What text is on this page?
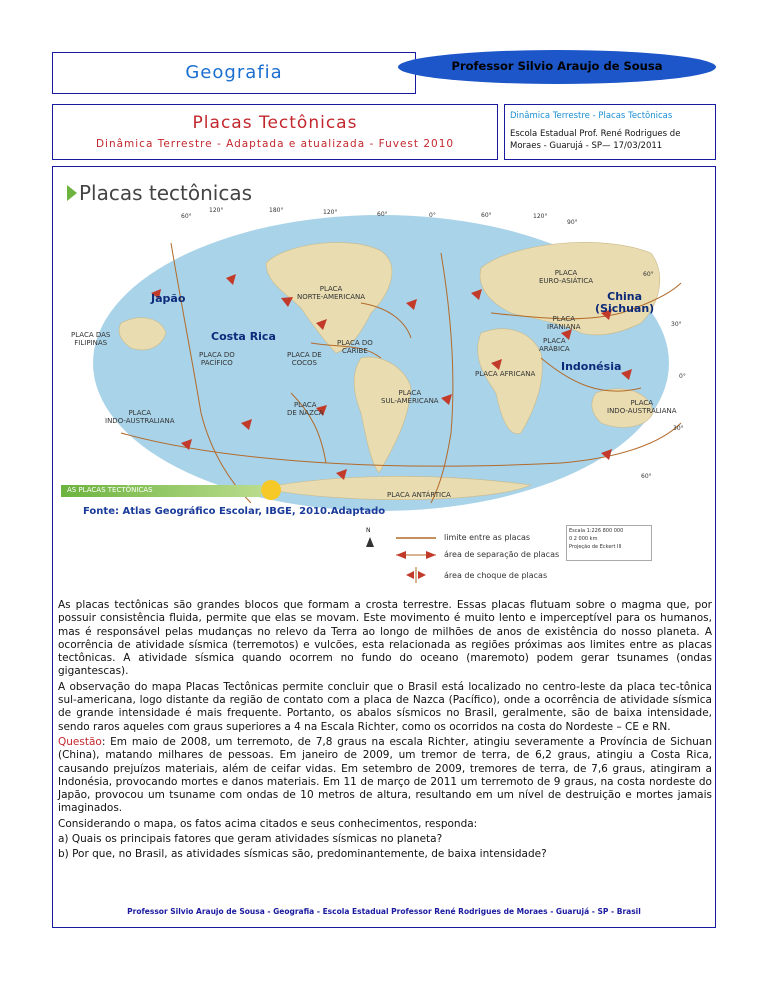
Geografia	Professor Silvio Araujo de Sousa
Placas Tectônicas
Dinâmica Terrestre - Adaptada e atualizada - Fuvest 2010
Dinâmica Terrestre - Placas Tectônicas
Escola Estadual Prof. René Rodrigues de Moraes - Guarujá - SP— 17/03/2011
Placas tectônicas
60°
120°	180°	120°	60°	0°	60°	120°
90°
60°
30°
0°
30°
60°
PLACA
EURO-ASIÁTICA
PLACA
NORTE-AMERICANA
PLACA DAS
FILIPINAS
PLACA DO
PACÍFICO
PLACA DE
COCOS
PLACA DO
CARIBE
PLACA
IRANIANA
PLACA
ARÁBICA
PLACA AFRICANA
PLACA
SUL-AMERICANA
PLACA
DE NAZCA
PLACA
INDO-AUSTRALIANA
PLACA
INDO-AUSTRALIANA
PLACA ANTÁRTICA
Japão
Costa Rica
China
(Sichuan)
Indonésia
AS PLACAS TECTÔNICAS
Fonte: Atlas Geográfico Escolar, IBGE, 2010.Adaptado
N
limite entre as placas
área de separação de placas
área de choque de placas
Escala 1:226 800 000
0 2 000 km
Projeção de Eckert III

As placas tectônicas são grandes blocos que formam a crosta terrestre. Essas placas flutuam sobre o magma que, por possuir consistência fluida, permite que elas se movam. Este movimento é muito lento e imperceptível para os humanos, mas é responsável pelas mudanças no relevo da Terra ao longo de milhões de anos de existência do nosso planeta. A ocorrência de atividade sísmica (terremotos) e vulcões, esta relacionada as regiões próximas aos limites entre as placas tectônicas. A atividade sísmica quando ocorrem no fundo do oceano (maremoto) podem gerar tsunames (ondas gigantescas).

A observação do mapa Placas Tectônicas permite concluir que o Brasil está localizado no centro-leste da placa tec-tônica sul-americana, logo distante da região de contato com a placa de Nazca (Pacífico), onde a ocorrência de atividade sísmica de grande intensidade é mais frequente. Portanto, os abalos sísmicos no Brasil, geralmente, são de baixa intensidade, sendo raros aqueles com graus superiores a 4 na Escala Richter, como os ocorridos na costa do Nordeste – CE e RN.

Questão: Em maio de 2008, um terremoto, de 7,8 graus na escala Richter, atingiu severamente a Província de Sichuan (China), matando milhares de pessoas. Em janeiro de 2009, um tremor de terra, de 6,2 graus, atingiu a Costa Rica, causando prejuízos materiais, além de ceifar vidas. Em setembro de 2009, tremores de terra, de 7,6 graus, atingiram a Indonésia, provocando mortes e danos materiais. Em 11 de março de 2011 um terremoto de 9 graus, na costa nordeste do Japão, provocou um tsuname com ondas de 10 metros de altura, resultando em um nível de destruição e mortes jamais imaginados.

Considerando o mapa, os fatos acima citados e seus conhecimentos, responda:

a) Quais os principais fatores que geram atividades sísmicas no planeta?

b) Por que, no Brasil, as atividades sísmicas são, predominantemente, de baixa intensidade?

Professor Silvio Araujo de Sousa - Geografia - Escola Estadual Professor René Rodrigues de Moraes - Guarujá - SP - Brasil
